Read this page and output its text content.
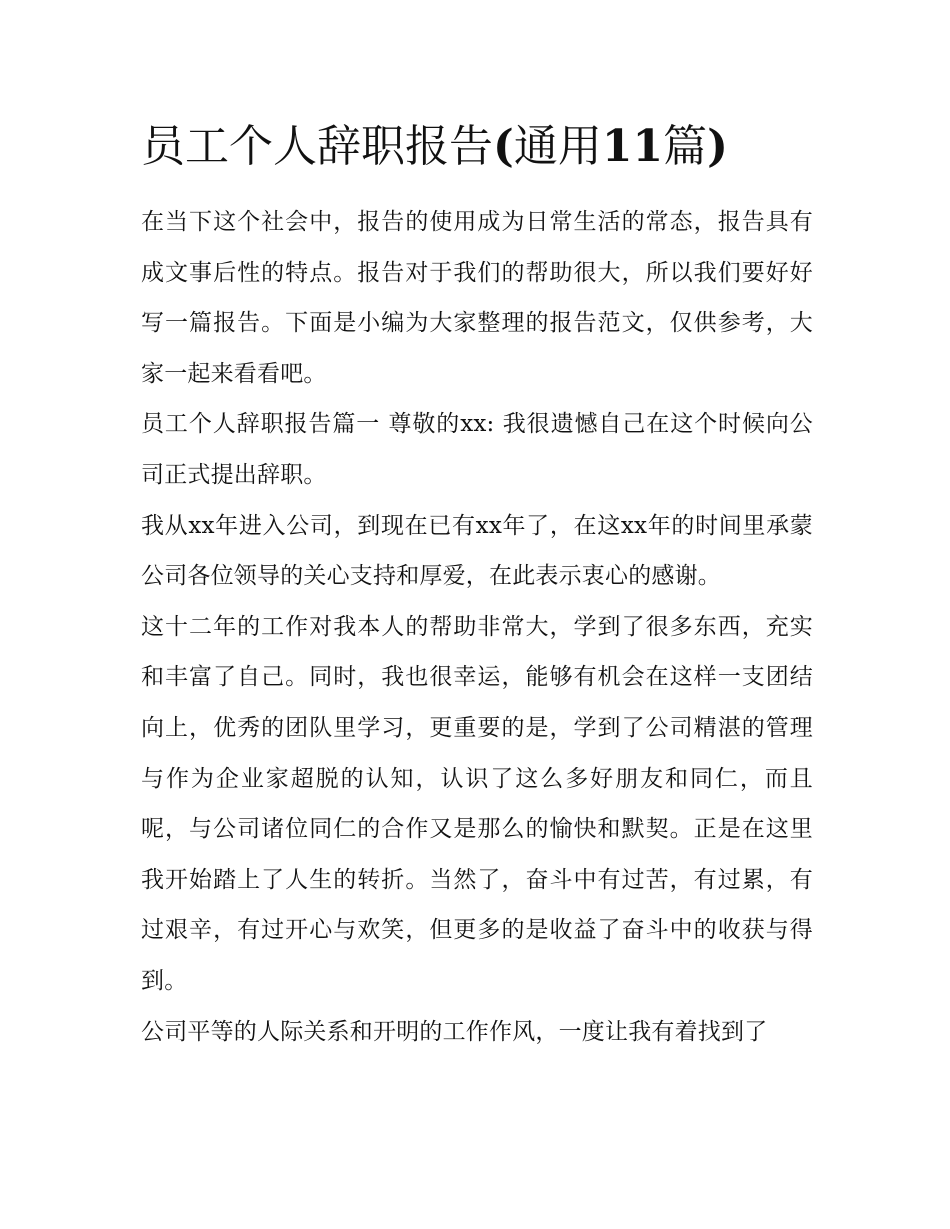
员工个人辞职报告(通用11篇)

在当下这个社会中，报告的使用成为日常生活的常态，报告具有成文事后性的特点。报告对于我们的帮助很大，所以我们要好好写一篇报告。下面是小编为大家整理的报告范文，仅供参考，大家一起来看看吧。

员工个人辞职报告篇一 尊敬的xx: 我很遗憾自己在这个时候向公司正式提出辞职。

我从xx年进入公司，到现在已有xx年了，在这xx年的时间里承蒙公司各位领导的关心支持和厚爱，在此表示衷心的感谢。

这十二年的工作对我本人的帮助非常大，学到了很多东西，充实和丰富了自己。同时，我也很幸运，能够有机会在这样一支团结向上，优秀的团队里学习，更重要的是，学到了公司精湛的管理与作为企业家超脱的认知，认识了这么多好朋友和同仁，而且呢，与公司诸位同仁的合作又是那么的愉快和默契。正是在这里我开始踏上了人生的转折。当然了，奋斗中有过苦，有过累，有过艰辛，有过开心与欢笑，但更多的是收益了奋斗中的收获与得到。

公司平等的人际关系和开明的工作作风，一度让我有着找到了
